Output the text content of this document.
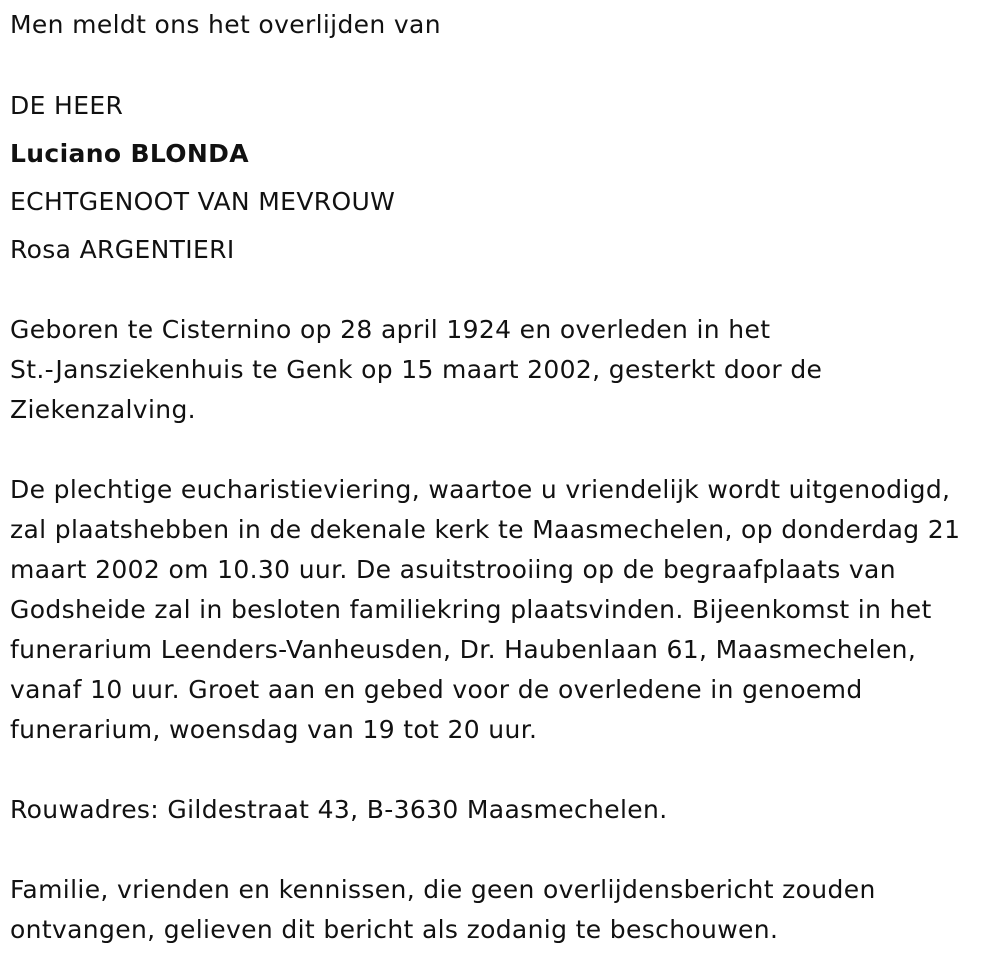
Men meldt ons het overlijden van
DE HEER
Luciano BLONDA
ECHTGENOOT VAN MEVROUW
Rosa ARGENTIERI
Geboren te Cisternino op 28 april 1924 en overleden in het
St.-Jansziekenhuis te Genk op 15 maart 2002, gesterkt door de
Ziekenzalving.
De plechtige eucharistieviering, waartoe u vriendelijk wordt uitgenodigd,
zal plaatshebben in de dekenale kerk te Maasmechelen, op donderdag 21
maart 2002 om 10.30 uur. De asuitstrooiing op de begraafplaats van
Godsheide zal in besloten familiekring plaatsvinden. Bijeenkomst in het
funerarium Leenders-Vanheusden, Dr. Haubenlaan 61, Maasmechelen,
vanaf 10 uur. Groet aan en gebed voor de overledene in genoemd
funerarium, woensdag van 19 tot 20 uur.
Rouwadres: Gildestraat 43, B-3630 Maasmechelen.
Familie, vrienden en kennissen, die geen overlijdensbericht zouden
ontvangen, gelieven dit bericht als zodanig te beschouwen.
